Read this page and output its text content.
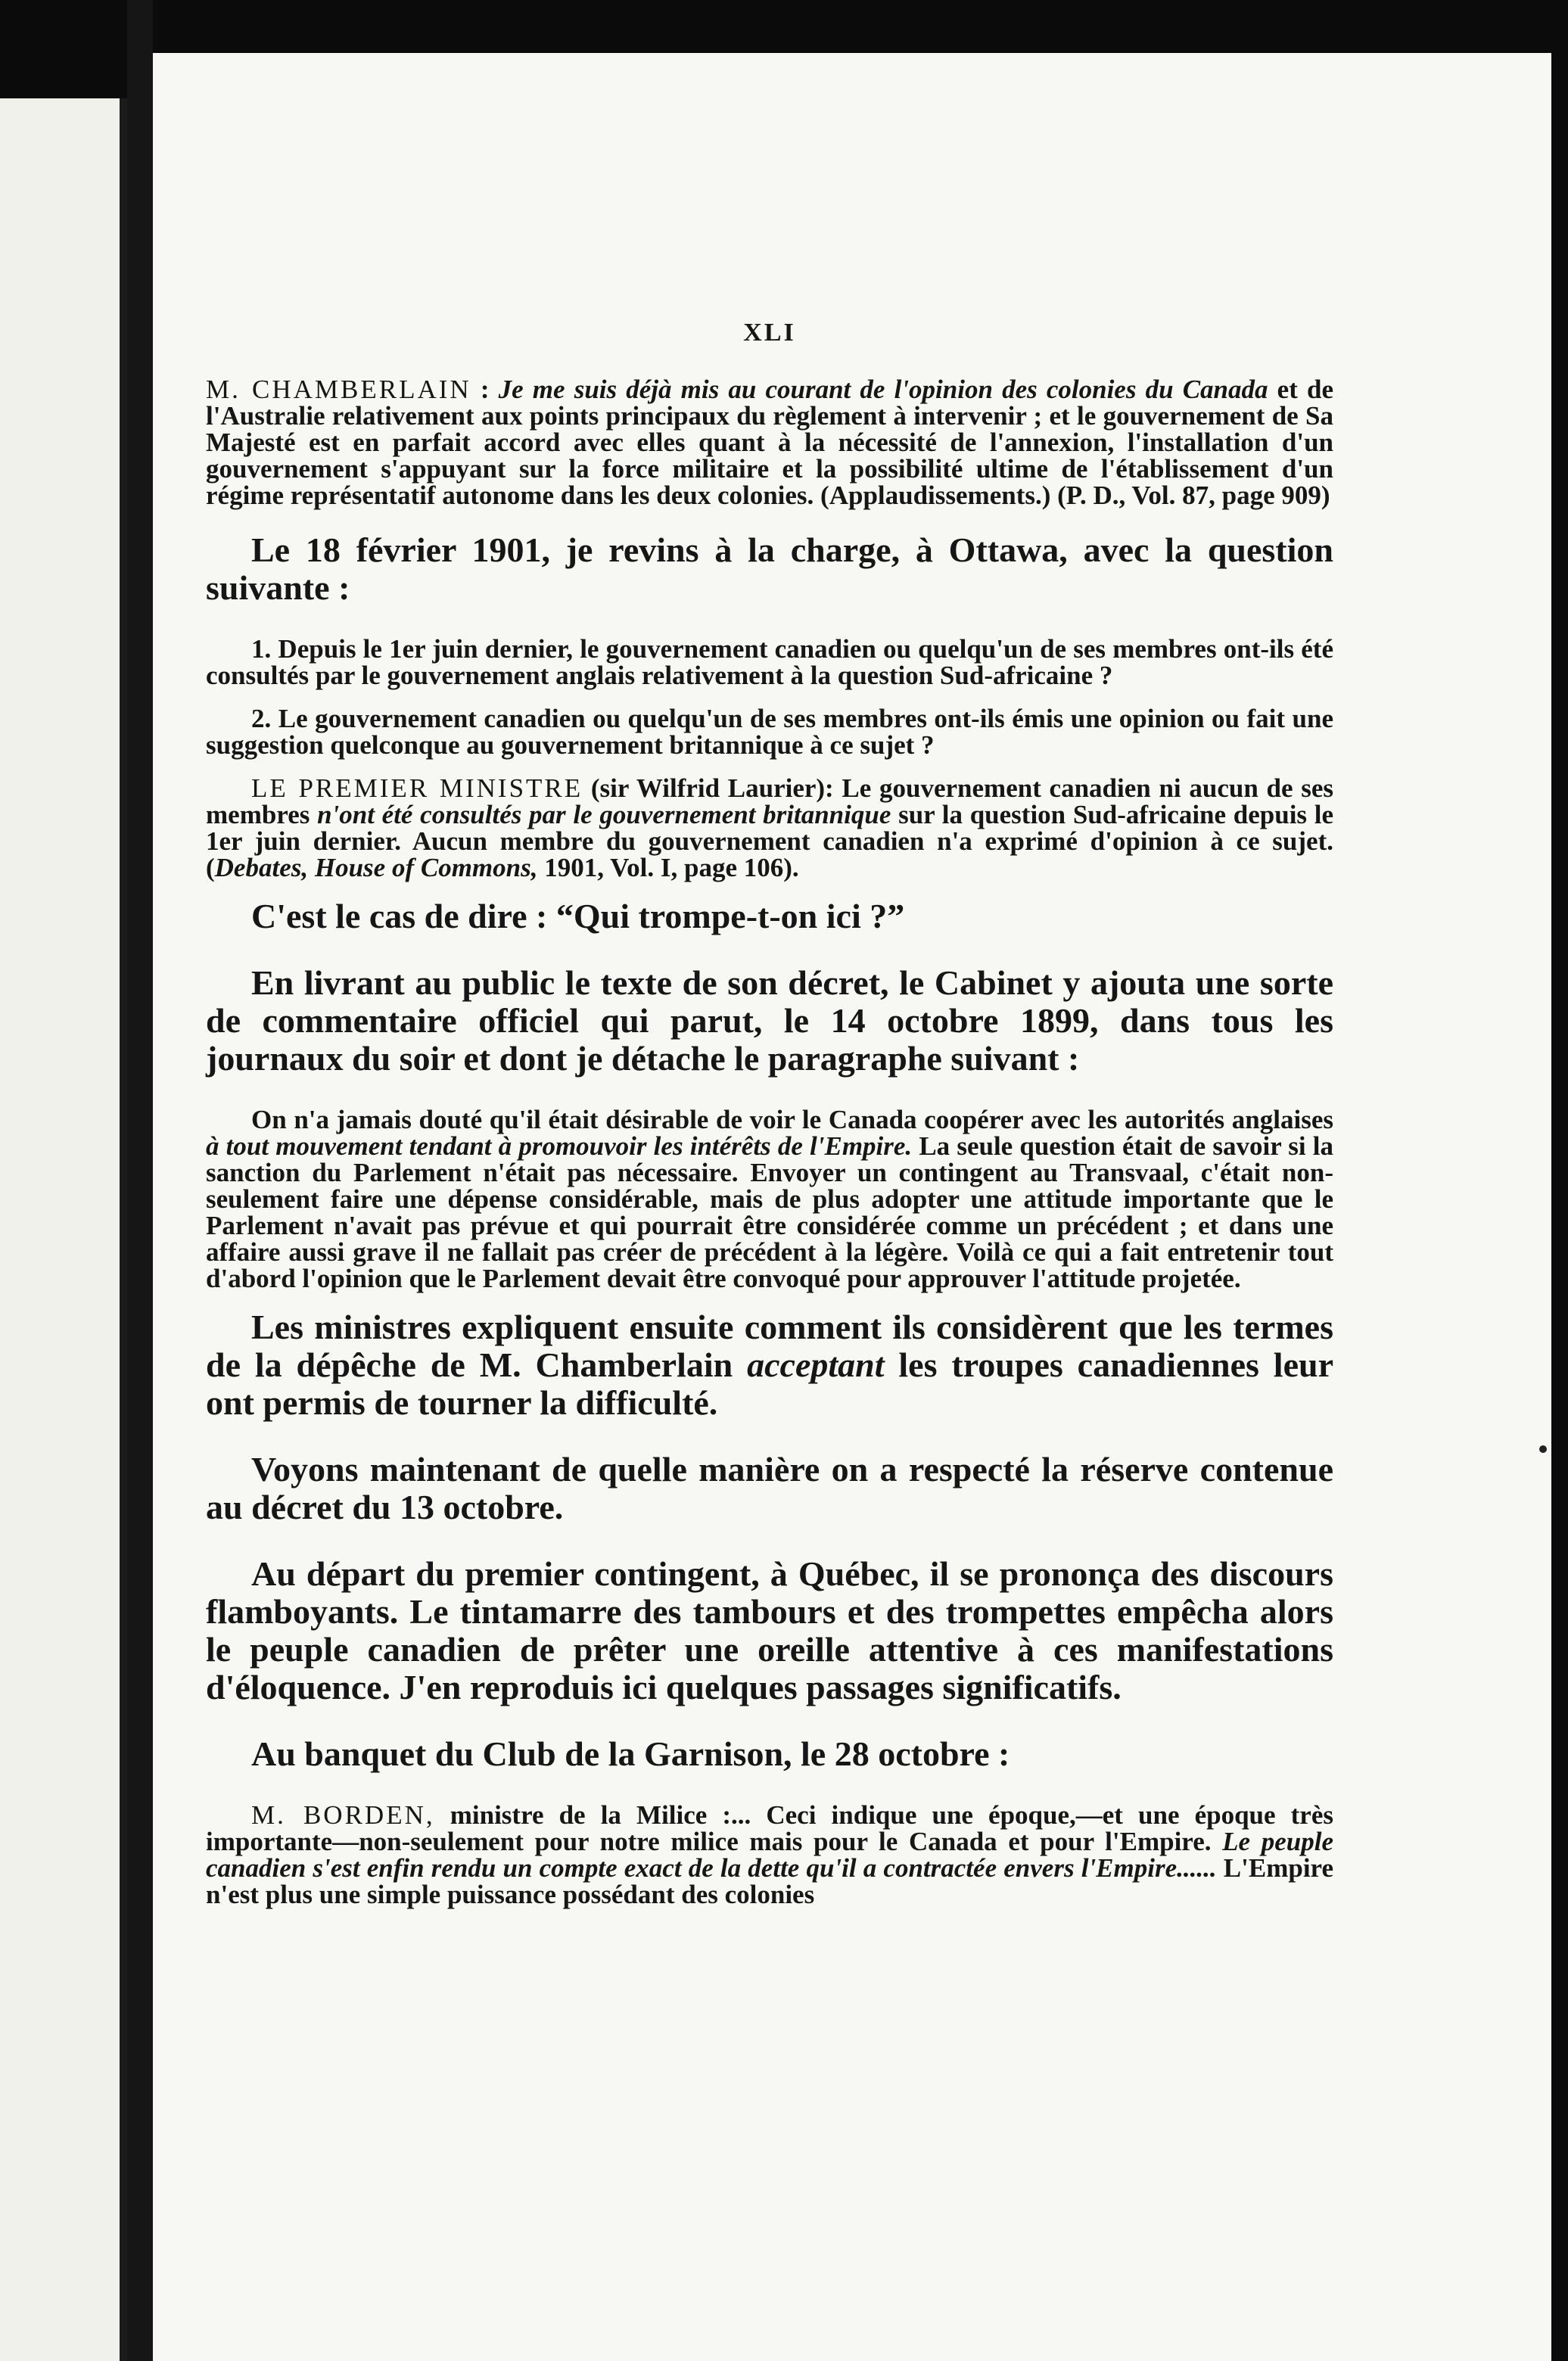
XLI

M. CHAMBERLAIN : Je me suis déjà mis au courant de l'opinion des colonies du Canada et de l'Australie relativement aux points principaux du règlement à intervenir ; et le gouvernement de Sa Majesté est en parfait accord avec elles quant à la nécessité de l'annexion, l'installation d'un gouvernement s'appuyant sur la force militaire et la possibilité ultime de l'établissement d'un régime représentatif autonome dans les deux colonies. (Applaudissements.) (P. D., Vol. 87, page 909)

Le 18 février 1901, je revins à la charge, à Ottawa, avec la question suivante :

1. Depuis le 1er juin dernier, le gouvernement canadien ou quelqu'un de ses membres ont-ils été consultés par le gouvernement anglais relativement à la question Sud-africaine ?

2. Le gouvernement canadien ou quelqu'un de ses membres ont-ils émis une opinion ou fait une suggestion quelconque au gouvernement britannique à ce sujet ?

LE PREMIER MINISTRE (sir Wilfrid Laurier): Le gouvernement canadien ni aucun de ses membres n'ont été consultés par le gouvernement britannique sur la question Sud-africaine depuis le 1er juin dernier. Aucun membre du gouvernement canadien n'a exprimé d'opinion à ce sujet. (Debates, House of Commons, 1901, Vol. I, page 106).

C'est le cas de dire : “Qui trompe-t-on ici ?”

En livrant au public le texte de son décret, le Cabinet y ajouta une sorte de commentaire officiel qui parut, le 14 octobre 1899, dans tous les journaux du soir et dont je détache le paragraphe suivant :

On n'a jamais douté qu'il était désirable de voir le Canada coopérer avec les autorités anglaises à tout mouvement tendant à promouvoir les intérêts de l'Empire. La seule question était de savoir si la sanction du Parlement n'était pas nécessaire. Envoyer un contingent au Transvaal, c'était non-seulement faire une dépense considérable, mais de plus adopter une attitude importante que le Parlement n'avait pas prévue et qui pourrait être considérée comme un précédent ; et dans une affaire aussi grave il ne fallait pas créer de précédent à la légère. Voilà ce qui a fait entretenir tout d'abord l'opinion que le Parlement devait être convoqué pour approuver l'attitude projetée.

Les ministres expliquent ensuite comment ils considèrent que les termes de la dépêche de M. Chamberlain acceptant les troupes canadiennes leur ont permis de tourner la difficulté.

Voyons maintenant de quelle manière on a respecté la réserve contenue au décret du 13 octobre.

Au départ du premier contingent, à Québec, il se prononça des discours flamboyants. Le tintamarre des tambours et des trompettes empêcha alors le peuple canadien de prêter une oreille attentive à ces manifestations d'éloquence. J'en reproduis ici quelques passages significatifs.

Au banquet du Club de la Garnison, le 28 octobre :

M. BORDEN, ministre de la Milice :... Ceci indique une époque,—et une époque très importante—non-seulement pour notre milice mais pour le Canada et pour l'Empire. Le peuple canadien s'est enfin rendu un compte exact de la dette qu'il a contractée envers l'Empire...... L'Empire n'est plus une simple puissance possédant des colonies
